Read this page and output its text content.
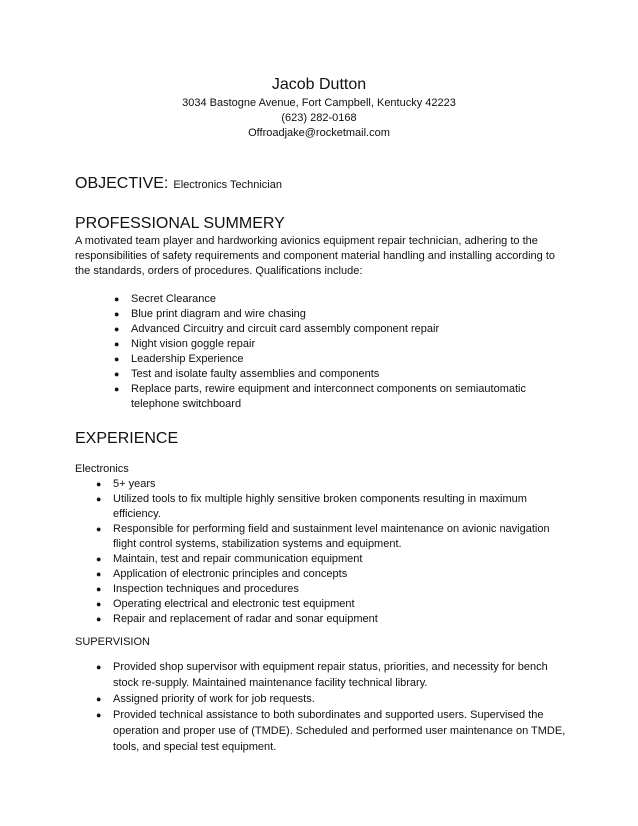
Jacob Dutton

3034 Bastogne Avenue, Fort Campbell, Kentucky 42223

(623) 282-0168

Offroadjake@rocketmail.com

OBJECTIVE: Electronics Technician
PROFESSIONAL SUMMERY

A motivated team player and hardworking avionics equipment repair technician, adhering to the responsibilities of safety requirements and component material handling and installing according to the standards, orders of procedures. Qualifications include:

● Secret Clearance
● Blue print diagram and wire chasing
● Advanced Circuitry and circuit card assembly component repair
● Night vision goggle repair
● Leadership Experience
● Test and isolate faulty assemblies and components
● Replace parts, rewire equipment and interconnect components on semiautomatic telephone switchboard
EXPERIENCE

Electronics

● 5+ years
● Utilized tools to fix multiple highly sensitive broken components resulting in maximum efficiency.
● Responsible for performing field and sustainment level maintenance on avionic navigation flight control systems, stabilization systems and equipment.
● Maintain, test and repair communication equipment
● Application of electronic principles and concepts
● Inspection techniques and procedures
● Operating electrical and electronic test equipment
● Repair and replacement of radar and sonar equipment

SUPERVISION

● Provided shop supervisor with equipment repair status, priorities, and necessity for bench stock re-supply. Maintained maintenance facility technical library.
● Assigned priority of work for job requests.
● Provided technical assistance to both subordinates and supported users. Supervised the operation and proper use of (TMDE). Scheduled and performed user maintenance on TMDE, tools, and special test equipment.
